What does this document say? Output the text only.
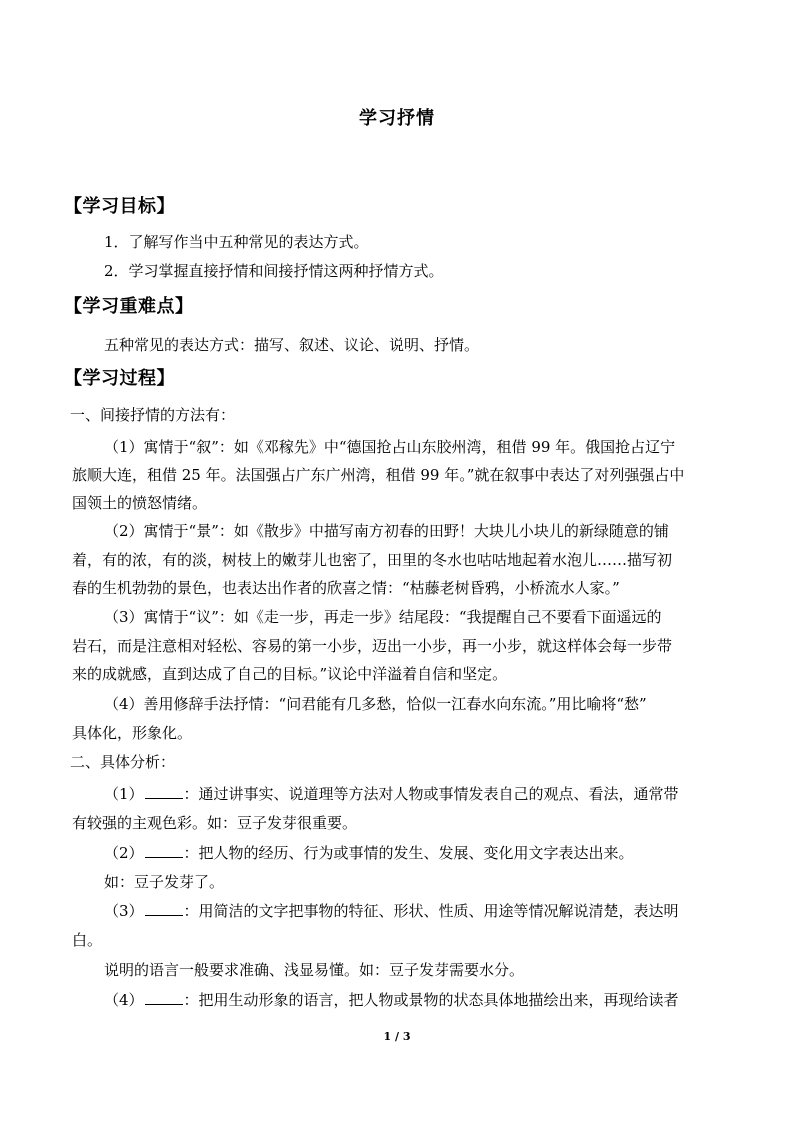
学习抒情
【学习目标】
1．了解写作当中五种常见的表达方式。
2．学习掌握直接抒情和间接抒情这两种抒情方式。
【学习重难点】
五种常见的表达方式：描写、叙述、议论、说明、抒情。
【学习过程】
一、间接抒情的方法有：
（1）寓情于“叙”：如《邓稼先》中“德国抢占山东胶州湾，租借 99 年。俄国抢占辽宁
旅顺大连，租借 25 年。法国强占广东广州湾，租借 99 年。”就在叙事中表达了对列强强占中
国领土的愤怒情绪。
（2）寓情于“景”：如《散步》中描写南方初春的田野！大块儿小块儿的新绿随意的铺
着，有的浓，有的淡，树枝上的嫩芽儿也密了，田里的冬水也咕咕地起着水泡儿……描写初
春的生机勃勃的景色，也表达出作者的欣喜之情：“枯藤老树昏鸦，小桥流水人家。”
（3）寓情于“议”：如《走一步，再走一步》结尾段：“我提醒自己不要看下面遥远的
岩石，而是注意相对轻松、容易的第一小步，迈出一小步，再一小步，就这样体会每一步带
来的成就感，直到达成了自己的目标。”议论中洋溢着自信和坚定。
（4）善用修辞手法抒情：“问君能有几多愁，恰似一江春水向东流。”用比喻将“愁”
具体化，形象化。
二、具体分析：
（1）	：通过讲事实、说道理等方法对人物或事情发表自己的观点、看法，通常带
有较强的主观色彩。如：豆子发芽很重要。
（2）	：把人物的经历、行为或事情的发生、发展、变化用文字表达出来。
如：豆子发芽了。
（3）	：用简洁的文字把事物的特征、形状、性质、用途等情况解说清楚，表达明
白。
说明的语言一般要求准确、浅显易懂。如：豆子发芽需要水分。
（4）	：把用生动形象的语言，把人物或景物的状态具体地描绘出来，再现给读者
1 / 3
